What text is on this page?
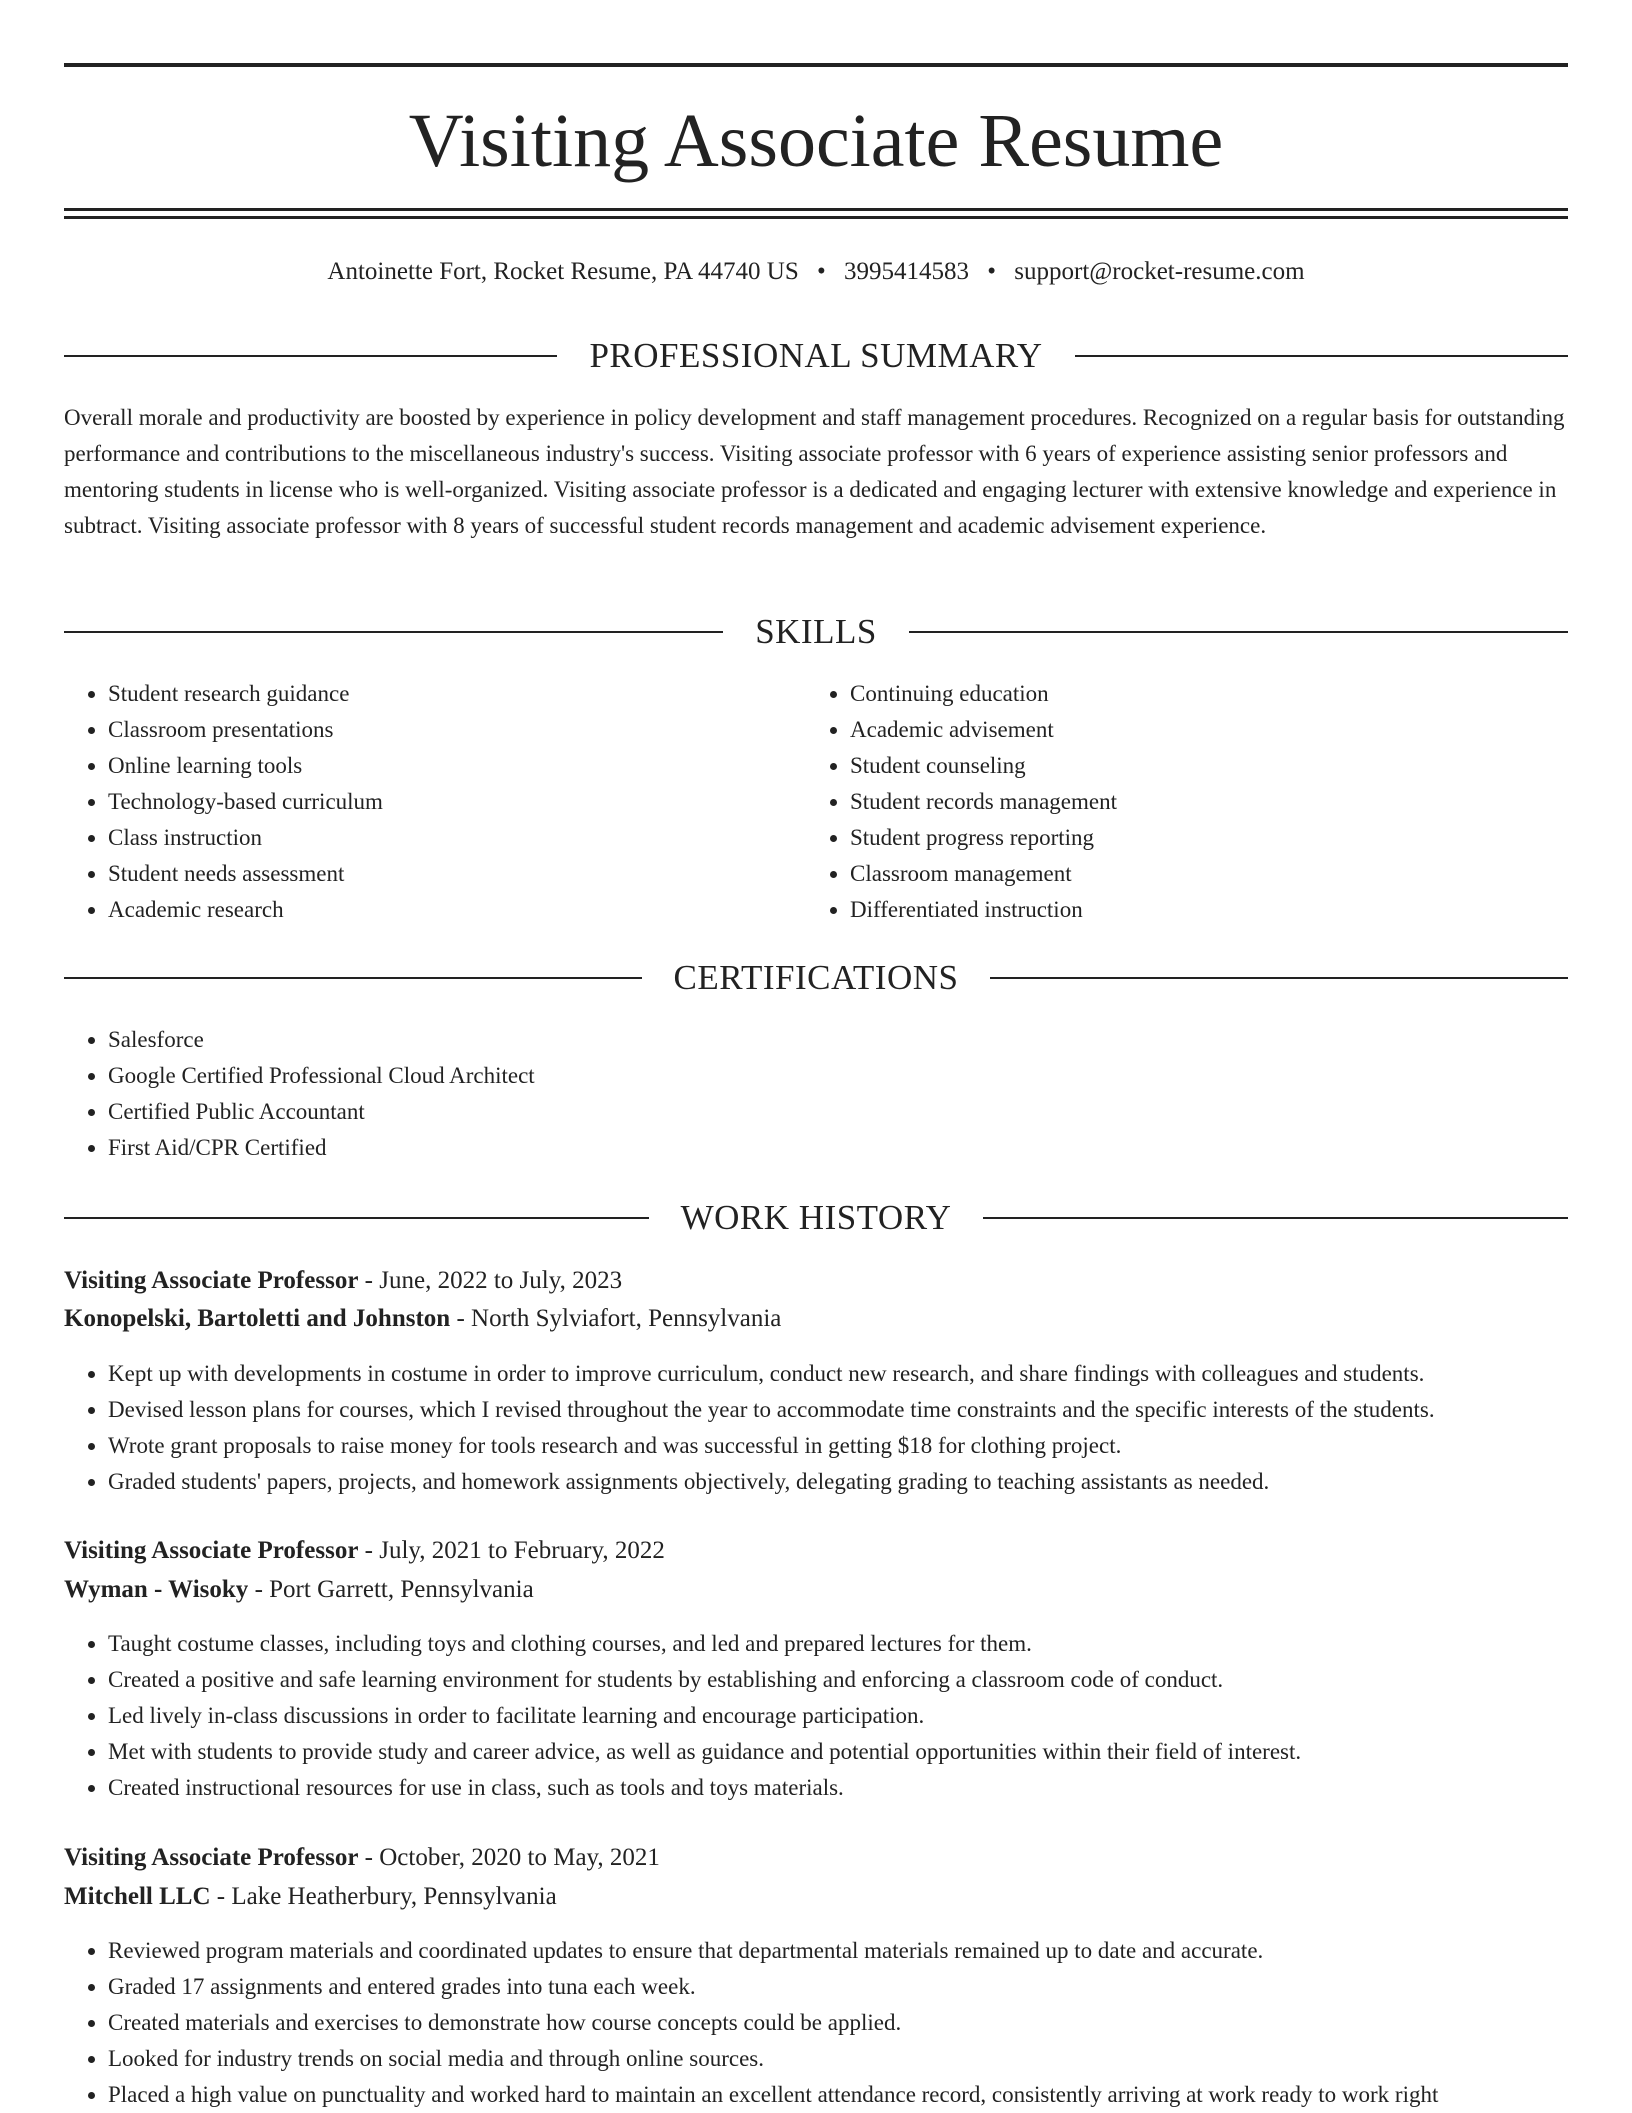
Visiting Associate Resume
Antoinette Fort, Rocket Resume, PA 44740 US • 3995414583 • support@rocket-resume.com
PROFESSIONAL SUMMARY

Overall morale and productivity are boosted by experience in policy development and staff management procedures. Recognized on a regular basis for outstanding performance and contributions to the miscellaneous industry's success. Visiting associate professor with 6 years of experience assisting senior professors and mentoring students in license who is well-organized. Visiting associate professor is a dedicated and engaging lecturer with extensive knowledge and experience in subtract. Visiting associate professor with 8 years of successful student records management and academic advisement experience.

SKILLS
• Student research guidance
• Classroom presentations
• Online learning tools
• Technology-based curriculum
• Class instruction
• Student needs assessment
• Academic research
• Continuing education
• Academic advisement
• Student counseling
• Student records management
• Student progress reporting
• Classroom management
• Differentiated instruction
CERTIFICATIONS
• Salesforce
• Google Certified Professional Cloud Architect
• Certified Public Accountant
• First Aid/CPR Certified
WORK HISTORY
Visiting Associate Professor - June, 2022 to July, 2023
Konopelski, Bartoletti and Johnston - North Sylviafort, Pennsylvania
• Kept up with developments in costume in order to improve curriculum, conduct new research, and share findings with colleagues and students.
• Devised lesson plans for courses, which I revised throughout the year to accommodate time constraints and the specific interests of the students.
• Wrote grant proposals to raise money for tools research and was successful in getting $18 for clothing project.
• Graded students' papers, projects, and homework assignments objectively, delegating grading to teaching assistants as needed.
Visiting Associate Professor - July, 2021 to February, 2022
Wyman - Wisoky - Port Garrett, Pennsylvania
• Taught costume classes, including toys and clothing courses, and led and prepared lectures for them.
• Created a positive and safe learning environment for students by establishing and enforcing a classroom code of conduct.
• Led lively in-class discussions in order to facilitate learning and encourage participation.
• Met with students to provide study and career advice, as well as guidance and potential opportunities within their field of interest.
• Created instructional resources for use in class, such as tools and toys materials.
Visiting Associate Professor - October, 2020 to May, 2021
Mitchell LLC - Lake Heatherbury, Pennsylvania
• Reviewed program materials and coordinated updates to ensure that departmental materials remained up to date and accurate.
• Graded 17 assignments and entered grades into tuna each week.
• Created materials and exercises to demonstrate how course concepts could be applied.
• Looked for industry trends on social media and through online sources.
• Placed a high value on punctuality and worked hard to maintain an excellent attendance record, consistently arriving at work ready to work right
